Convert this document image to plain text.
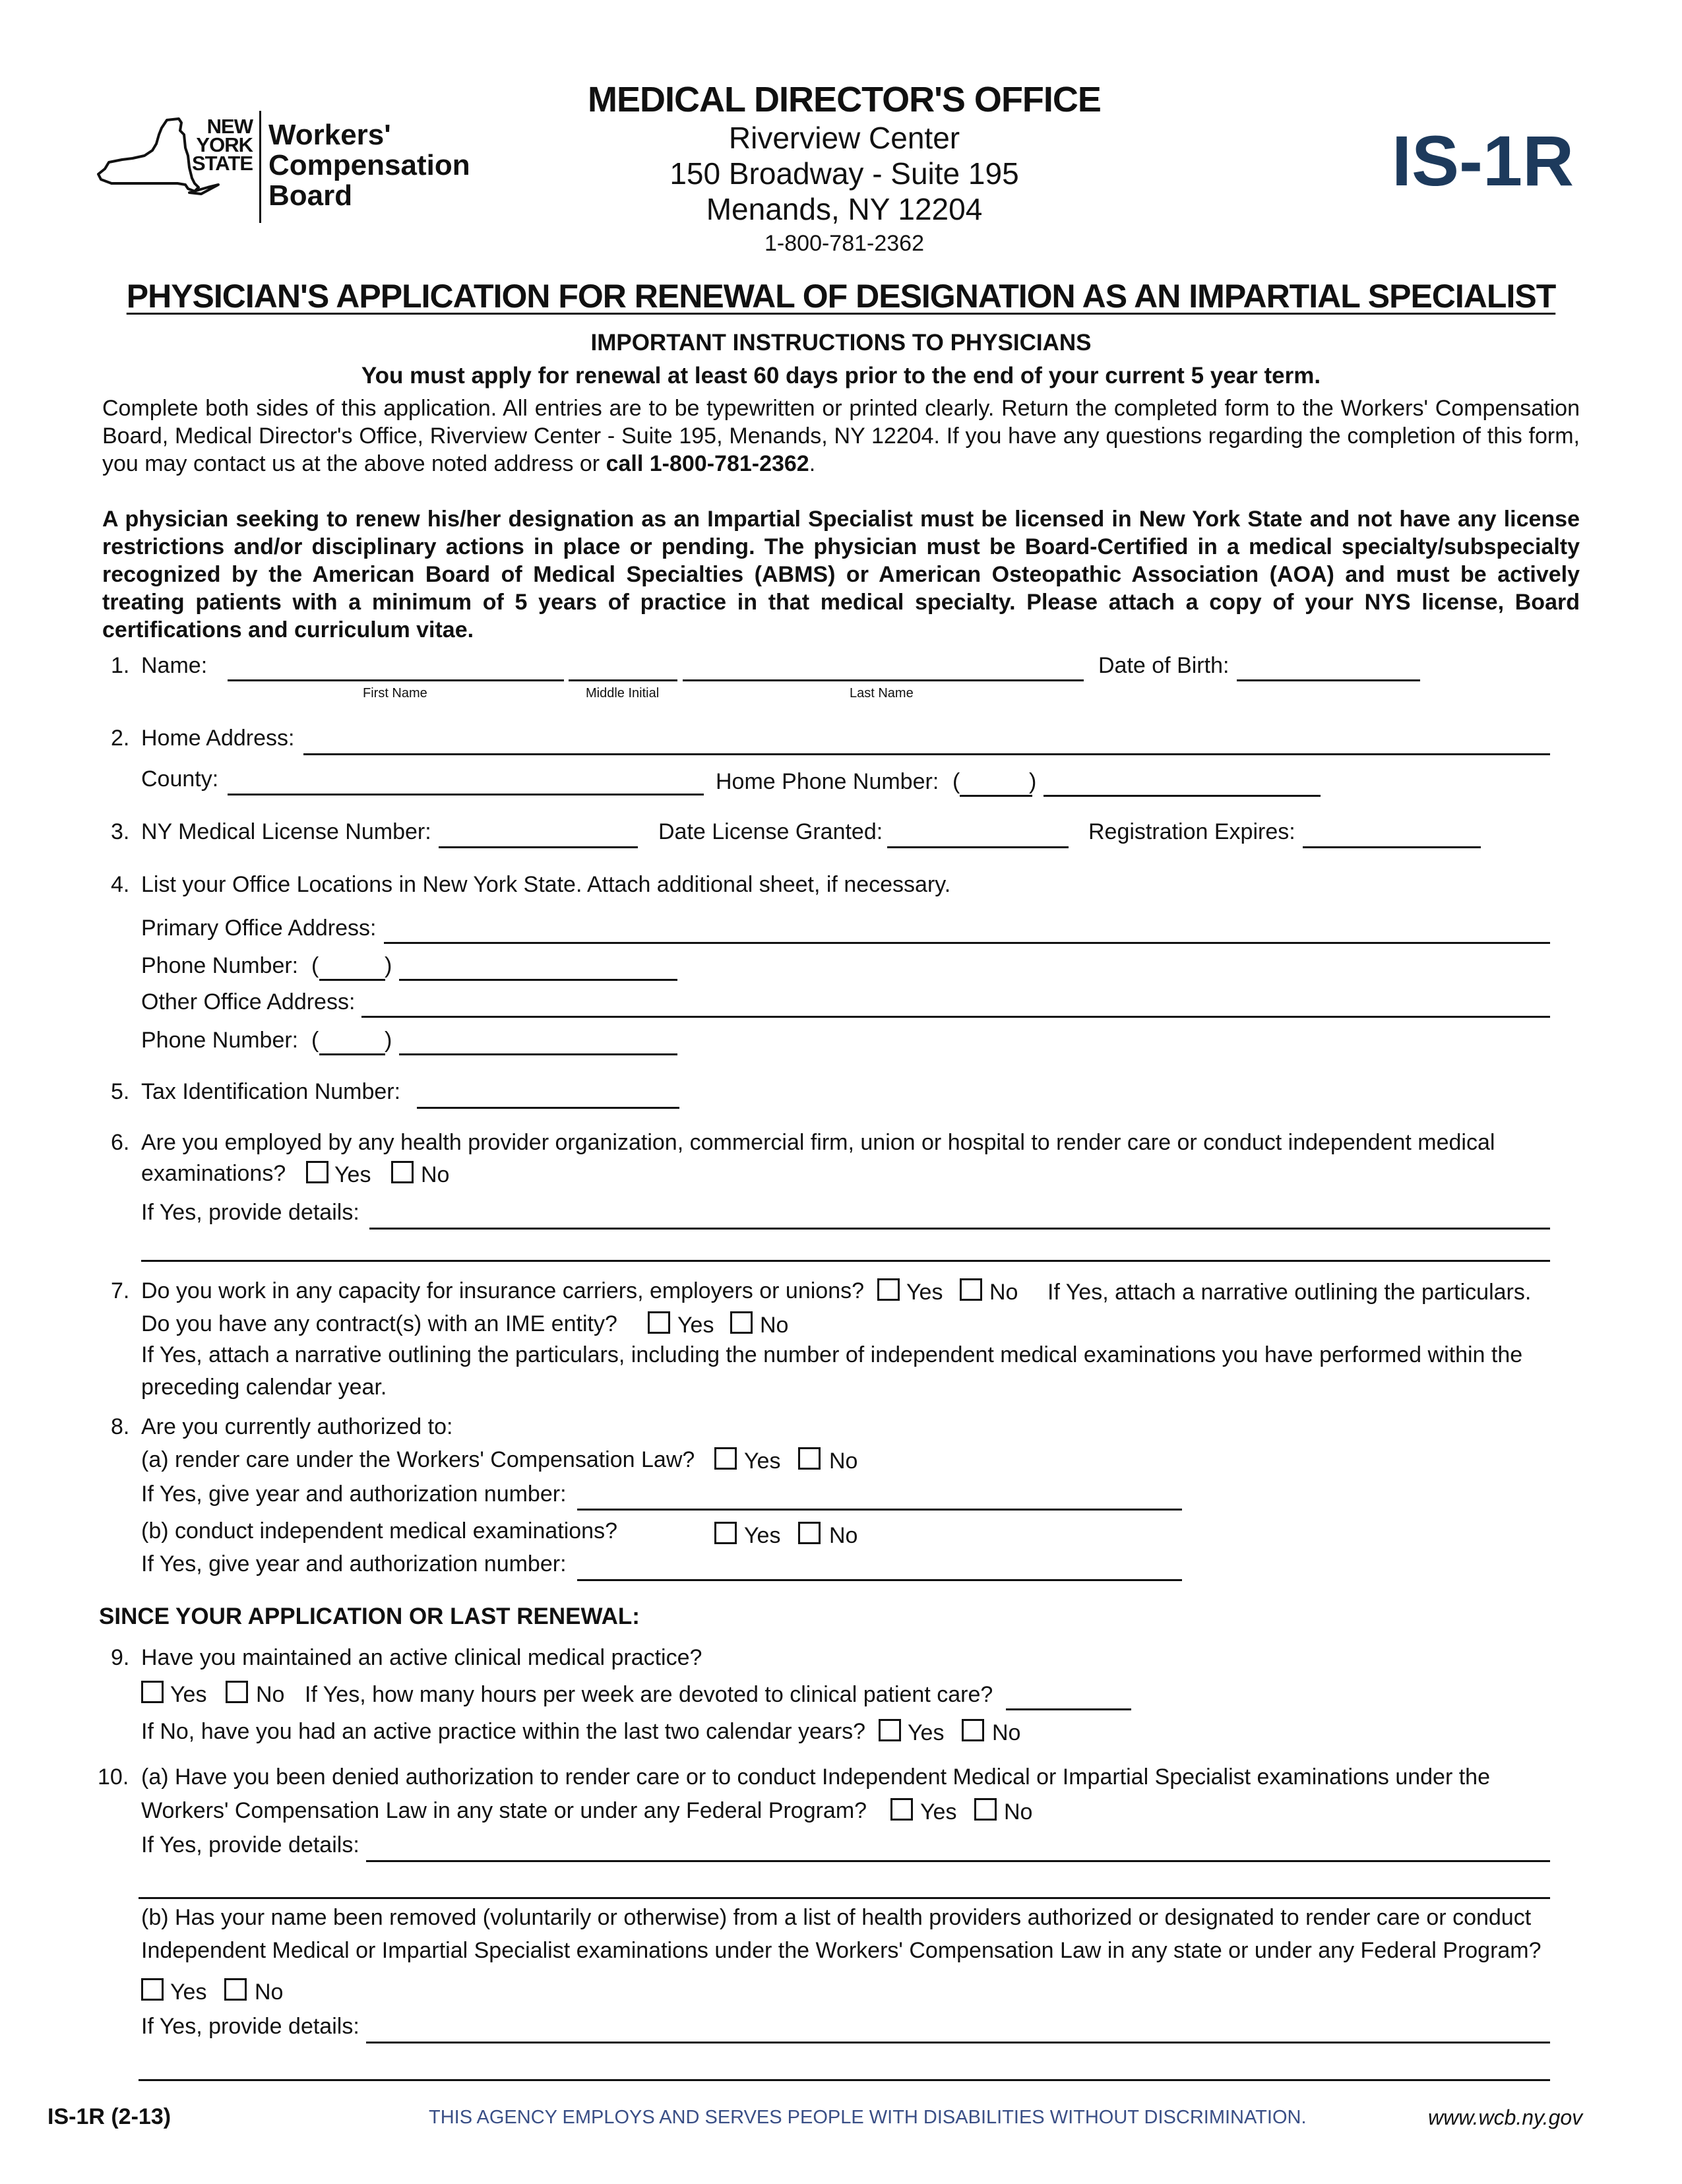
NEW
YORK
STATE
Workers'
Compensation
Board
MEDICAL DIRECTOR'S OFFICE
Riverview Center
150 Broadway - Suite 195
Menands, NY 12204
1-800-781-2362
IS-1R
PHYSICIAN'S APPLICATION FOR RENEWAL OF DESIGNATION AS AN IMPARTIAL SPECIALIST
IMPORTANT INSTRUCTIONS TO PHYSICIANS
You must apply for renewal at least 60 days prior to the end of your current 5 year term.
Complete both sides of this application. All entries are to be typewritten or printed clearly. Return the completed form to the Workers' Compensation Board, Medical Director's Office, Riverview Center - Suite 195, Menands, NY 12204. If you have any questions regarding the completion of this form, you may contact us at the above noted address or call 1-800-781-2362.
A physician seeking to renew his/her designation as an Impartial Specialist must be licensed in New York State and not have any license restrictions and/or disciplinary actions in place or pending. The physician must be Board-Certified in a medical specialty/subspecialty recognized by the American Board of Medical Specialties (ABMS) or American Osteopathic Association (AOA) and must be actively treating patients with a minimum of 5 years of practice in that medical specialty. Please attach a copy of your NYS license, Board certifications and curriculum vitae.
1. Name:
First Name	Middle Initial	Last Name
Date of Birth:
2. Home Address:
County:	Home Phone Number: (	)
3. NY Medical License Number:	Date License Granted:	Registration Expires:
4. List your Office Locations in New York State. Attach additional sheet, if necessary.
Primary Office Address:
Phone Number: (	)
Other Office Address:
Phone Number: (	)
5. Tax Identification Number:
6. Are you employed by any health provider organization, commercial firm, union or hospital to render care or conduct independent medical
examinations? Yes No
If Yes, provide details:
7. Do you work in any capacity for insurance carriers, employers or unions? Yes No If Yes, attach a narrative outlining the particulars.
Do you have any contract(s) with an IME entity?	Yes No
If Yes, attach a narrative outlining the particulars, including the number of independent medical examinations you have performed within the
preceding calendar year.
8. Are you currently authorized to:
(a) render care under the Workers' Compensation Law? Yes No
If Yes, give year and authorization number:
(b) conduct independent medical examinations?	Yes No
If Yes, give year and authorization number:
SINCE YOUR APPLICATION OR LAST RENEWAL:
9. Have you maintained an active clinical medical practice?
Yes No If Yes, how many hours per week are devoted to clinical patient care?
If No, have you had an active practice within the last two calendar years? Yes No
10. (a) Have you been denied authorization to render care or to conduct Independent Medical or Impartial Specialist examinations under the
Workers' Compensation Law in any state or under any Federal Program? Yes No
If Yes, provide details:
(b) Has your name been removed (voluntarily or otherwise) from a list of health providers authorized or designated to render care or conduct
Independent Medical or Impartial Specialist examinations under the Workers' Compensation Law in any state or under any Federal Program?
Yes No
If Yes, provide details:
IS-1R (2-13)	THIS AGENCY EMPLOYS AND SERVES PEOPLE WITH DISABILITIES WITHOUT DISCRIMINATION.	www.wcb.ny.gov
